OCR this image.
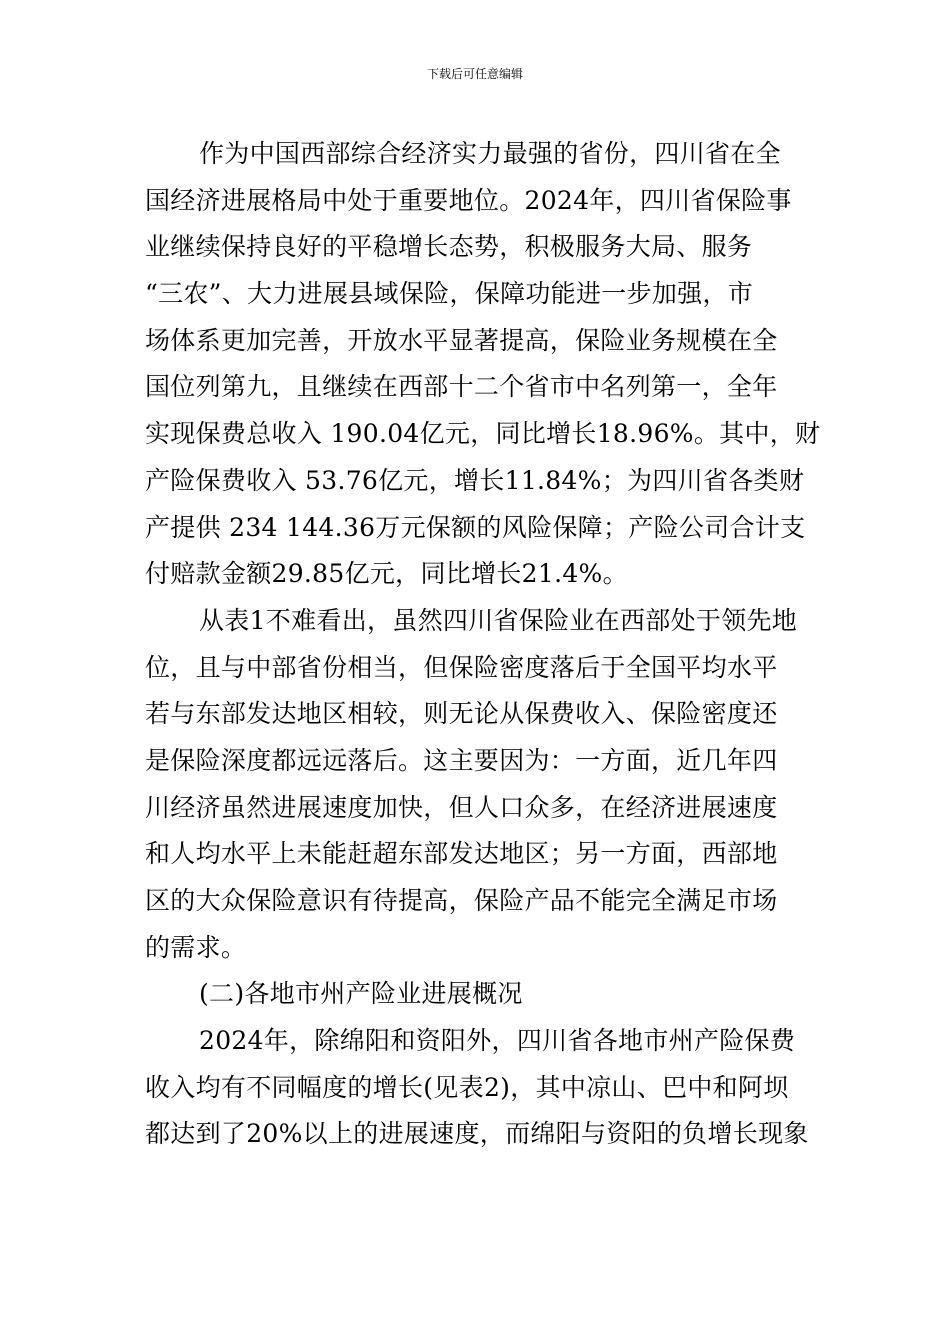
下载后可任意编辑

作为中国西部综合经济实力最强的省份，四川省在全
国经济进展格局中处于重要地位。2024年，四川省保险事
业继续保持良好的平稳增长态势，积极服务大局、服务
“三农”、大力进展县域保险，保障功能进一步加强，市
场体系更加完善，开放水平显著提高，保险业务规模在全
国位列第九，且继续在西部十二个省市中名列第一，全年
实现保费总收入 190.04亿元，同比增长18.96%。其中，财
产险保费收入 53.76亿元，增长11.84%；为四川省各类财
产提供 234 144.36万元保额的风险保障；产险公司合计支
付赔款金额29.85亿元，同比增长21.4%。

从表1不难看出，虽然四川省保险业在西部处于领先地
位，且与中部省份相当，但保险密度落后于全国平均水平
若与东部发达地区相较，则无论从保费收入、保险密度还
是保险深度都远远落后。这主要因为：一方面，近几年四
川经济虽然进展速度加快，但人口众多，在经济进展速度
和人均水平上未能赶超东部发达地区；另一方面，西部地
区的大众保险意识有待提高，保险产品不能完全满足市场
的需求。

(二)各地市州产险业进展概况

2024年，除绵阳和资阳外，四川省各地市州产险保费
收入均有不同幅度的增长(见表2)，其中凉山、巴中和阿坝
都达到了20%以上的进展速度，而绵阳与资阳的负增长现象
